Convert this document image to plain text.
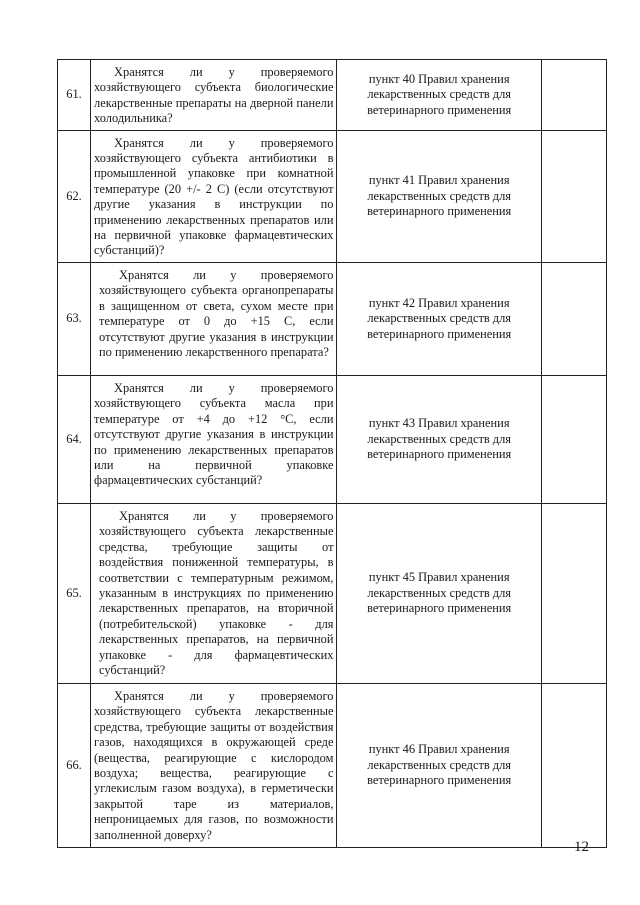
61.	Хранятся ли у проверяемого хозяйствующего субъекта биологические лекарственные препараты на дверной панели холодильника?	пункт 40 Правил хранения лекарственных средств для ветеринарного применения	

62.	Хранятся ли у проверяемого хозяйствующего субъекта антибиотики в промышленной упаковке при комнатной температуре (20 +/- 2 С) (если отсутствуют другие указания в инструкции по применению лекарственных препаратов или на первичной упаковке фармацевтических субстанций)?	пункт 41 Правил хранения лекарственных средств для ветеринарного применения	

63.	Хранятся ли у проверяемого хозяйствующего субъекта органопрепараты в защищенном от света, сухом месте при температуре от 0 до +15 С, если отсутствуют другие указания в инструкции по применению лекарственного препарата?	пункт 42 Правил хранения лекарственных средств для ветеринарного применения	

64.	Хранятся ли у проверяемого хозяйствующего субъекта масла при температуре от +4 до +12 °С, если отсутствуют другие указания в инструкции по применению лекарственных препаратов или на первичной упаковке фармацевтических субстанций?	пункт 43 Правил хранения лекарственных средств для ветеринарного применения	

65.	Хранятся ли у проверяемого хозяйствующего субъекта лекарственные средства, требующие защиты от воздействия пониженной температуры, в соответствии с температурным режимом, указанным в инструкциях по применению лекарственных препаратов, на вторичной (потребительской) упаковке - для лекарственных препаратов, на первичной упаковке - для фармацевтических субстанций?	пункт 45 Правил хранения лекарственных средств для ветеринарного применения	

66.	Хранятся ли у проверяемого хозяйствующего субъекта лекарственные средства, требующие защиты от воздействия газов, находящихся в окружающей среде (вещества, реагирующие с кислородом воздуха; вещества, реагирующие с углекислым газом воздуха), в герметически закрытой таре из материалов, непроницаемых для газов, по возможности заполненной доверху?	пункт 46 Правил хранения лекарственных средств для ветеринарного применения	

12
